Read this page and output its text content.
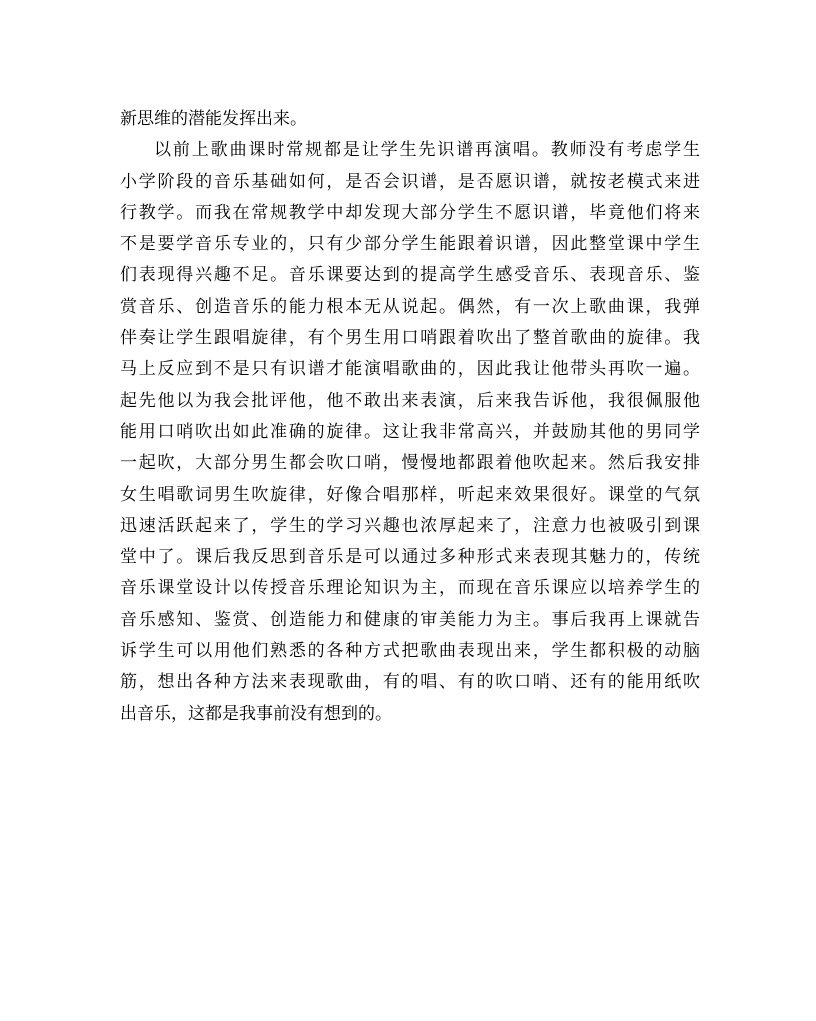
新思维的潜能发挥出来。
以前上歌曲课时常规都是让学生先识谱再演唱。教师没有考虑学生
小学阶段的音乐基础如何，是否会识谱，是否愿识谱，就按老模式来进
行教学。而我在常规教学中却发现大部分学生不愿识谱，毕竟他们将来
不是要学音乐专业的，只有少部分学生能跟着识谱，因此整堂课中学生
们表现得兴趣不足。音乐课要达到的提高学生感受音乐、表现音乐、鉴
赏音乐、创造音乐的能力根本无从说起。偶然，有一次上歌曲课，我弹
伴奏让学生跟唱旋律，有个男生用口哨跟着吹出了整首歌曲的旋律。我
马上反应到不是只有识谱才能演唱歌曲的，因此我让他带头再吹一遍。
起先他以为我会批评他，他不敢出来表演，后来我告诉他，我很佩服他
能用口哨吹出如此准确的旋律。这让我非常高兴，并鼓励其他的男同学
一起吹，大部分男生都会吹口哨，慢慢地都跟着他吹起来。然后我安排
女生唱歌词男生吹旋律，好像合唱那样，听起来效果很好。课堂的气氛
迅速活跃起来了，学生的学习兴趣也浓厚起来了，注意力也被吸引到课
堂中了。课后我反思到音乐是可以通过多种形式来表现其魅力的，传统
音乐课堂设计以传授音乐理论知识为主，而现在音乐课应以培养学生的
音乐感知、鉴赏、创造能力和健康的审美能力为主。事后我再上课就告
诉学生可以用他们熟悉的各种方式把歌曲表现出来，学生都积极的动脑
筋，想出各种方法来表现歌曲，有的唱、有的吹口哨、还有的能用纸吹
出音乐，这都是我事前没有想到的。
